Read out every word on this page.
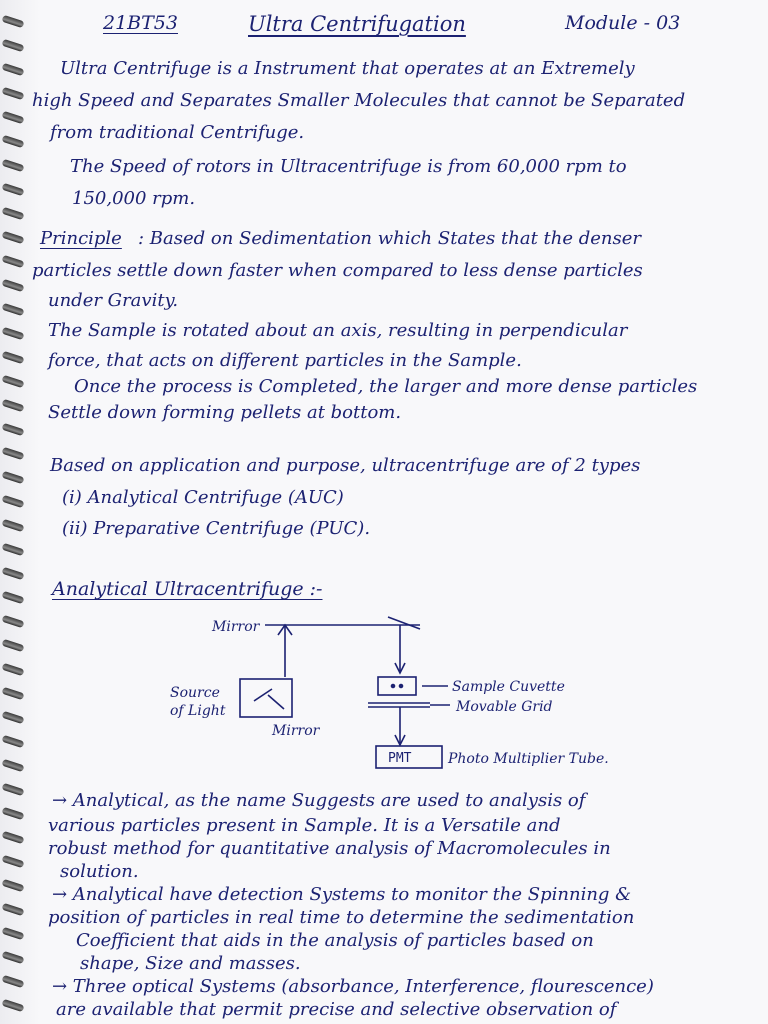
21BT53	Ultra Centrifugation	Module - 03
Ultra Centrifuge is a Instrument that operates at an Extremely
high Speed and Separates Smaller Molecules that cannot be Separated
from traditional Centrifuge.
The Speed of rotors in Ultracentrifuge is from 60,000 rpm to
150,000 rpm.
Principle : Based on Sedimentation which States that the denser
particles settle down faster when compared to less dense particles
under Gravity.
The Sample is rotated about an axis, resulting in perpendicular
force, that acts on different particles in the Sample.
Once the process is Completed, the larger and more dense particles
Settle down forming pellets at bottom.
Based on application and purpose, ultracentrifuge are of 2 types
(i) Analytical Centrifuge (AUC)
(ii) Preparative Centrifuge (PUC).
Analytical Ultracentrifuge :-
Mirror
Source
of Light
Mirror
Sample Cuvette
Movable Grid
PMT	Photo Multiplier Tube.
→ Analytical, as the name Suggests are used to analysis of
various particles present in Sample. It is a Versatile and
robust method for quantitative analysis of Macromolecules in
solution.
→ Analytical have detection Systems to monitor the Spinning &
position of particles in real time to determine the sedimentation
Coefficient that aids in the analysis of particles based on
shape, Size and masses.
→ Three optical Systems (absorbance, Interference, flourescence)
are available that permit precise and selective observation of
